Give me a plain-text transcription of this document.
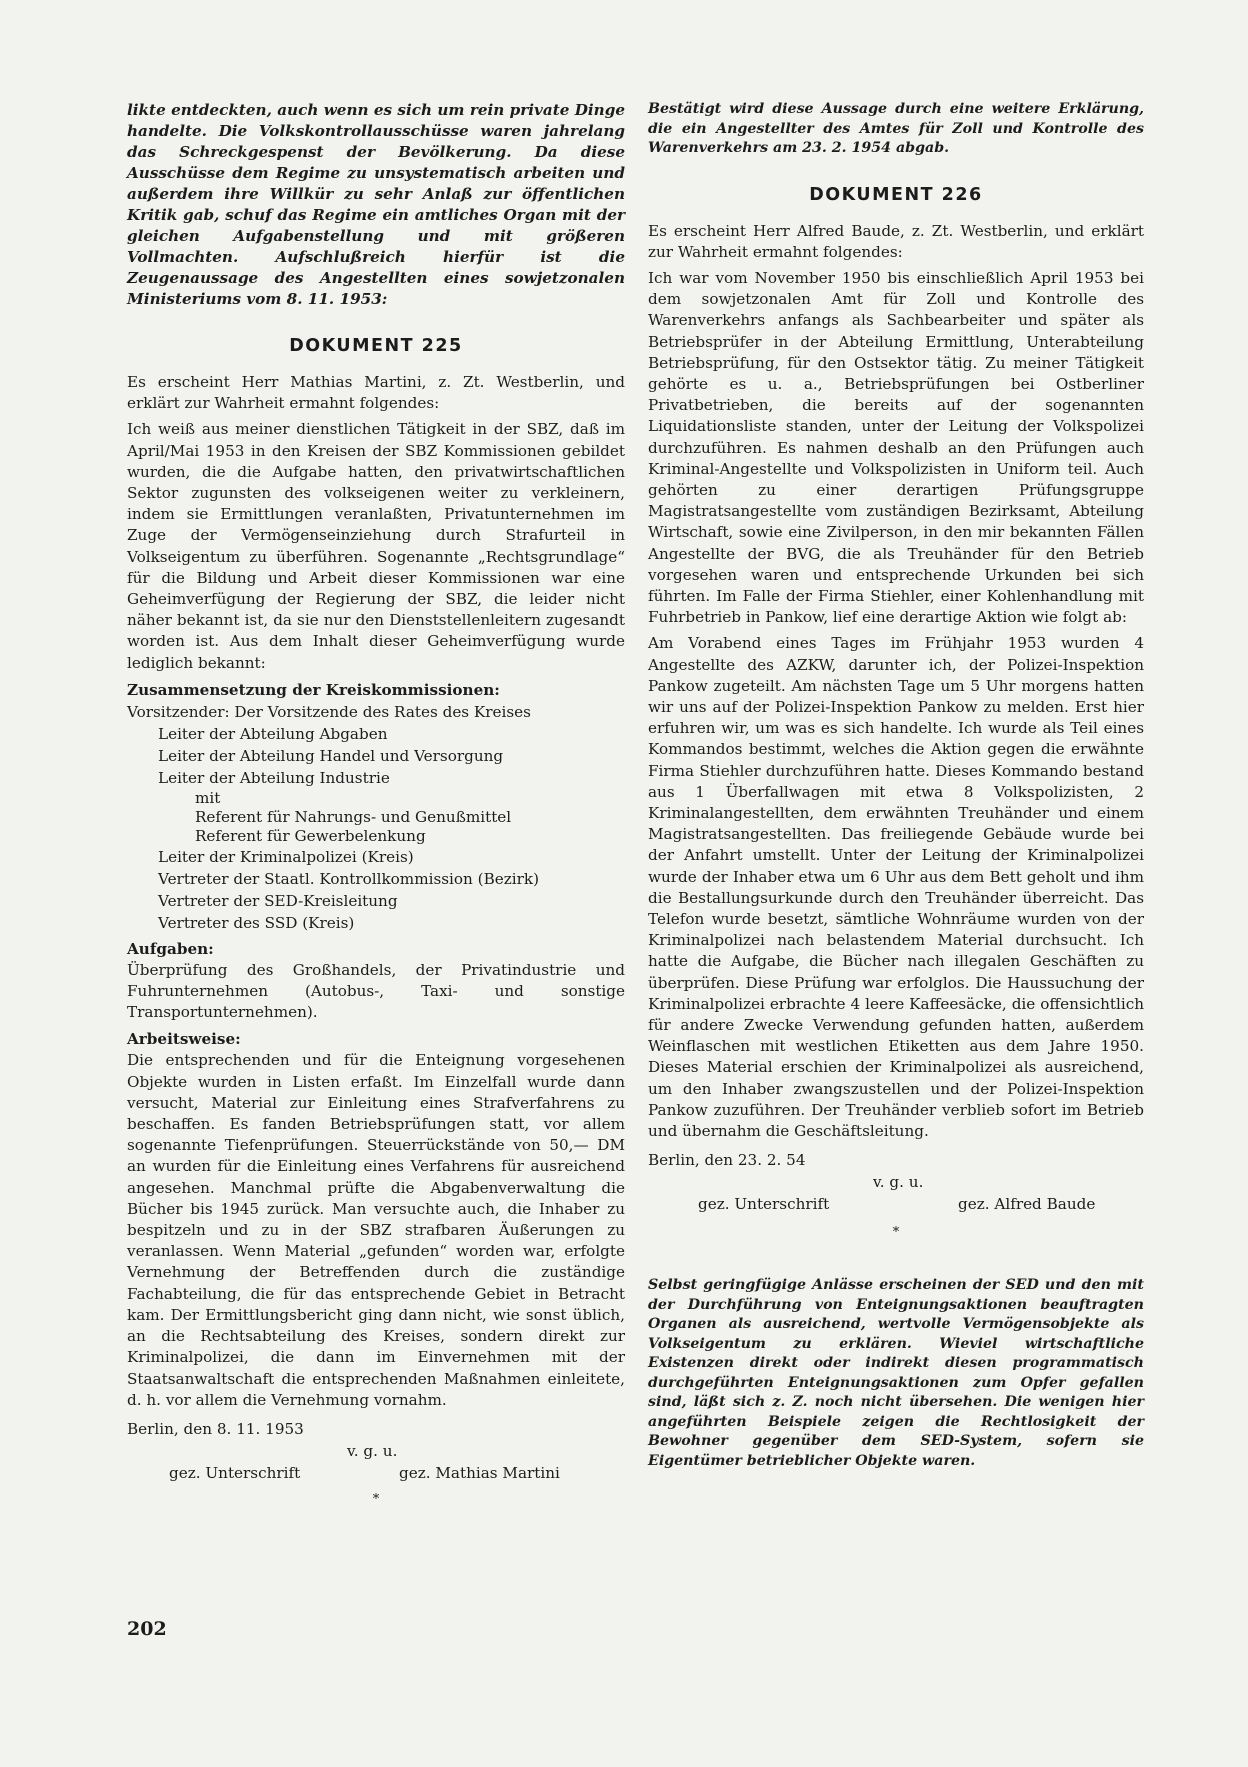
likte entdeckten, auch wenn es sich um rein private Dinge handelte. Die Volkskontrollausschüsse waren jahrelang das Schreckgespenst der Bevölkerung. Da diese Ausschüsse dem Regime zu unsystematisch arbeiten und außerdem ihre Willkür zu sehr Anlaß zur öffentlichen Kritik gab, schuf das Regime ein amtliches Organ mit der gleichen Aufgabenstellung und mit größeren Vollmachten. Aufschlußreich hierfür ist die Zeugenaussage des Angestellten eines sowjetzonalen Ministeriums vom 8. 11. 1953:

DOKUMENT 225

Es erscheint Herr Mathias Martini, z. Zt. Westberlin, und erklärt zur Wahrheit ermahnt folgendes:

Ich weiß aus meiner dienstlichen Tätigkeit in der SBZ, daß im April/Mai 1953 in den Kreisen der SBZ Kommissionen gebildet wurden, die die Aufgabe hatten, den privatwirtschaftlichen Sektor zugunsten des volkseigenen weiter zu verkleinern, indem sie Ermittlungen veranlaßten, Privatunternehmen im Zuge der Vermögenseinziehung durch Strafurteil in Volkseigentum zu überführen. Sogenannte „Rechtsgrundlage“ für die Bildung und Arbeit dieser Kommissionen war eine Geheimverfügung der Regierung der SBZ, die leider nicht näher bekannt ist, da sie nur den Dienststellenleitern zugesandt worden ist. Aus dem Inhalt dieser Geheimverfügung wurde lediglich bekannt:

Zusammensetzung der Kreiskommissionen:
Vorsitzender: Der Vorsitzende des Rates des Kreises
Leiter der Abteilung Abgaben
Leiter der Abteilung Handel und Versorgung
Leiter der Abteilung Industrie
mit
Referent für Nahrungs- und Genußmittel
Referent für Gewerbelenkung
Leiter der Kriminalpolizei (Kreis)
Vertreter der Staatl. Kontrollkommission (Bezirk)
Vertreter der SED-Kreisleitung
Vertreter des SSD (Kreis)
Aufgaben:

Überprüfung des Großhandels, der Privatindustrie und Fuhrunternehmen (Autobus-, Taxi- und sonstige Transportunternehmen).

Arbeitsweise:

Die entsprechenden und für die Enteignung vorgesehenen Objekte wurden in Listen erfaßt. Im Einzelfall wurde dann versucht, Material zur Einleitung eines Strafverfahrens zu beschaffen. Es fanden Betriebsprüfungen statt, vor allem sogenannte Tiefenprüfungen. Steuerrückstände von 50,— DM an wurden für die Einleitung eines Verfahrens für ausreichend angesehen. Manchmal prüfte die Abgabenverwaltung die Bücher bis 1945 zurück. Man versuchte auch, die Inhaber zu bespitzeln und zu in der SBZ strafbaren Äußerungen zu veranlassen. Wenn Material „gefunden“ worden war, erfolgte Vernehmung der Betreffenden durch die zuständige Fachabteilung, die für das entsprechende Gebiet in Betracht kam. Der Ermittlungsbericht ging dann nicht, wie sonst üblich, an die Rechtsabteilung des Kreises, sondern direkt zur Kriminalpolizei, die dann im Einvernehmen mit der Staatsanwaltschaft die entsprechenden Maßnahmen einleitete, d. h. vor allem die Vernehmung vornahm.

Berlin, den 8. 11. 1953
v. g. u.
gez. Unterschrift	gez. Mathias Martini
*

Bestätigt wird diese Aussage durch eine weitere Erklärung, die ein Angestellter des Amtes für Zoll und Kontrolle des Warenverkehrs am 23. 2. 1954 abgab.

DOKUMENT 226

Es erscheint Herr Alfred Baude, z. Zt. Westberlin, und erklärt zur Wahrheit ermahnt folgendes:

Ich war vom November 1950 bis einschließlich April 1953 bei dem sowjetzonalen Amt für Zoll und Kontrolle des Warenverkehrs anfangs als Sachbearbeiter und später als Betriebsprüfer in der Abteilung Ermittlung, Unterabteilung Betriebsprüfung, für den Ostsektor tätig. Zu meiner Tätigkeit gehörte es u. a., Betriebsprüfungen bei Ostberliner Privatbetrieben, die bereits auf der sogenannten Liquidationsliste standen, unter der Leitung der Volkspolizei durchzuführen. Es nahmen deshalb an den Prüfungen auch Kriminal-Angestellte und Volkspolizisten in Uniform teil. Auch gehörten zu einer derartigen Prüfungsgruppe Magistratsangestellte vom zuständigen Bezirksamt, Abteilung Wirtschaft, sowie eine Zivilperson, in den mir bekannten Fällen Angestellte der BVG, die als Treuhänder für den Betrieb vorgesehen waren und entsprechende Urkunden bei sich führten. Im Falle der Firma Stiehler, einer Kohlenhandlung mit Fuhrbetrieb in Pankow, lief eine derartige Aktion wie folgt ab:

Am Vorabend eines Tages im Frühjahr 1953 wurden 4 Angestellte des AZKW, darunter ich, der Polizei-Inspektion Pankow zugeteilt. Am nächsten Tage um 5 Uhr morgens hatten wir uns auf der Polizei-Inspektion Pankow zu melden. Erst hier erfuhren wir, um was es sich handelte. Ich wurde als Teil eines Kommandos bestimmt, welches die Aktion gegen die erwähnte Firma Stiehler durchzuführen hatte. Dieses Kommando bestand aus 1 Überfallwagen mit etwa 8 Volkspolizisten, 2 Kriminalangestellten, dem erwähnten Treuhänder und einem Magistratsangestellten. Das freiliegende Gebäude wurde bei der Anfahrt umstellt. Unter der Leitung der Kriminalpolizei wurde der Inhaber etwa um 6 Uhr aus dem Bett geholt und ihm die Bestallungsurkunde durch den Treuhänder überreicht. Das Telefon wurde besetzt, sämtliche Wohnräume wurden von der Kriminalpolizei nach belastendem Material durchsucht. Ich hatte die Aufgabe, die Bücher nach illegalen Geschäften zu überprüfen. Diese Prüfung war erfolglos. Die Haussuchung der Kriminalpolizei erbrachte 4 leere Kaffeesäcke, die offensichtlich für andere Zwecke Verwendung gefunden hatten, außerdem Weinflaschen mit westlichen Etiketten aus dem Jahre 1950. Dieses Material erschien der Kriminalpolizei als ausreichend, um den Inhaber zwangszustellen und der Polizei-Inspektion Pankow zuzuführen. Der Treuhänder verblieb sofort im Betrieb und übernahm die Geschäftsleitung.

Berlin, den 23. 2. 54
v. g. u.
gez. Unterschrift	gez. Alfred Baude
*

Selbst geringfügige Anlässe erscheinen der SED und den mit der Durchführung von Enteignungsaktionen beauftragten Organen als ausreichend, wertvolle Vermögensobjekte als Volkseigentum zu erklären. Wieviel wirtschaftliche Existenzen direkt oder indirekt diesen programmatisch durchgeführten Enteignungsaktionen zum Opfer gefallen sind, läßt sich z. Z. noch nicht übersehen. Die wenigen hier angeführten Beispiele zeigen die Rechtlosigkeit der Bewohner gegenüber dem SED-System, sofern sie Eigentümer betrieblicher Objekte waren.

202
